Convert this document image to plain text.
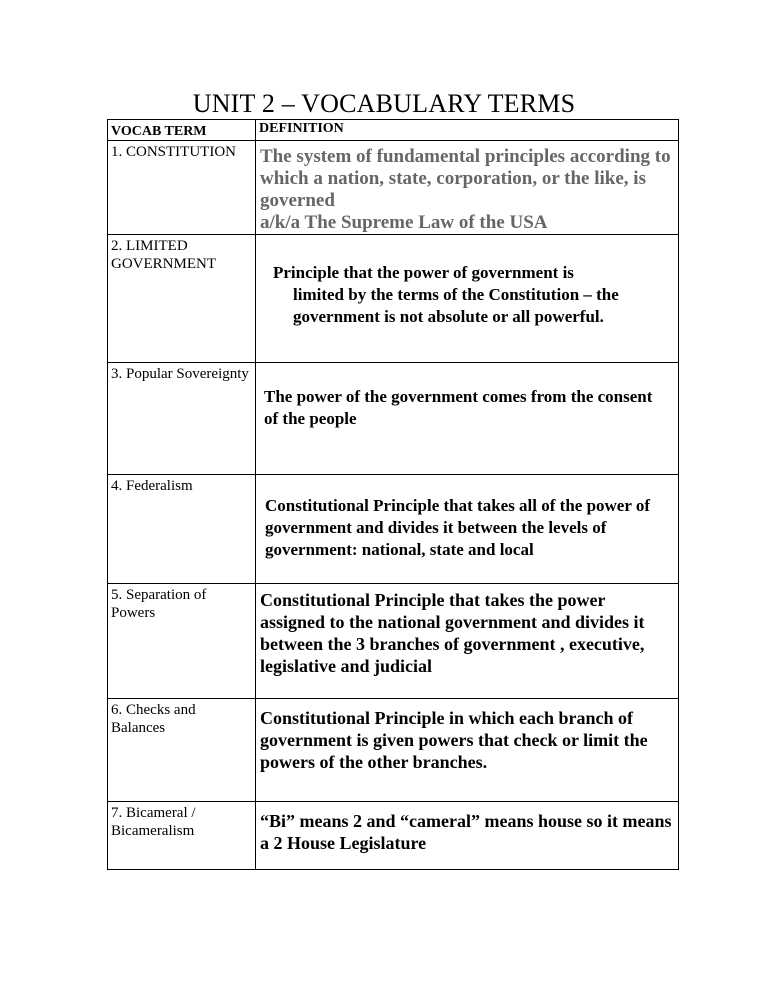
UNIT 2 – VOCABULARY TERMS
VOCAB TERM	DEFINITION

1. CONSTITUTION	The system of fundamental principles according to which a nation, state, corporation, or the like, is governed
a/k/a The Supreme Law of the USA

2. LIMITED GOVERNMENT	Principle that the power of government is
limited by the terms of the Constitution – the government is not absolute or all powerful.

3. Popular Sovereignty	The power of the government comes from the consent of the people

4. Federalism	Constitutional Principle that takes all of the power of government and divides it between the levels of government: national, state and local

5. Separation of Powers	Constitutional Principle that takes the power assigned to the national government and divides it between the 3 branches of government , executive, legislative and judicial

6. Checks and Balances	Constitutional Principle in which each branch of government is given powers that check or limit the powers of the other branches.

7. Bicameral / Bicameralism	“Bi” means 2 and “cameral” means house so it means a 2 House Legislature
